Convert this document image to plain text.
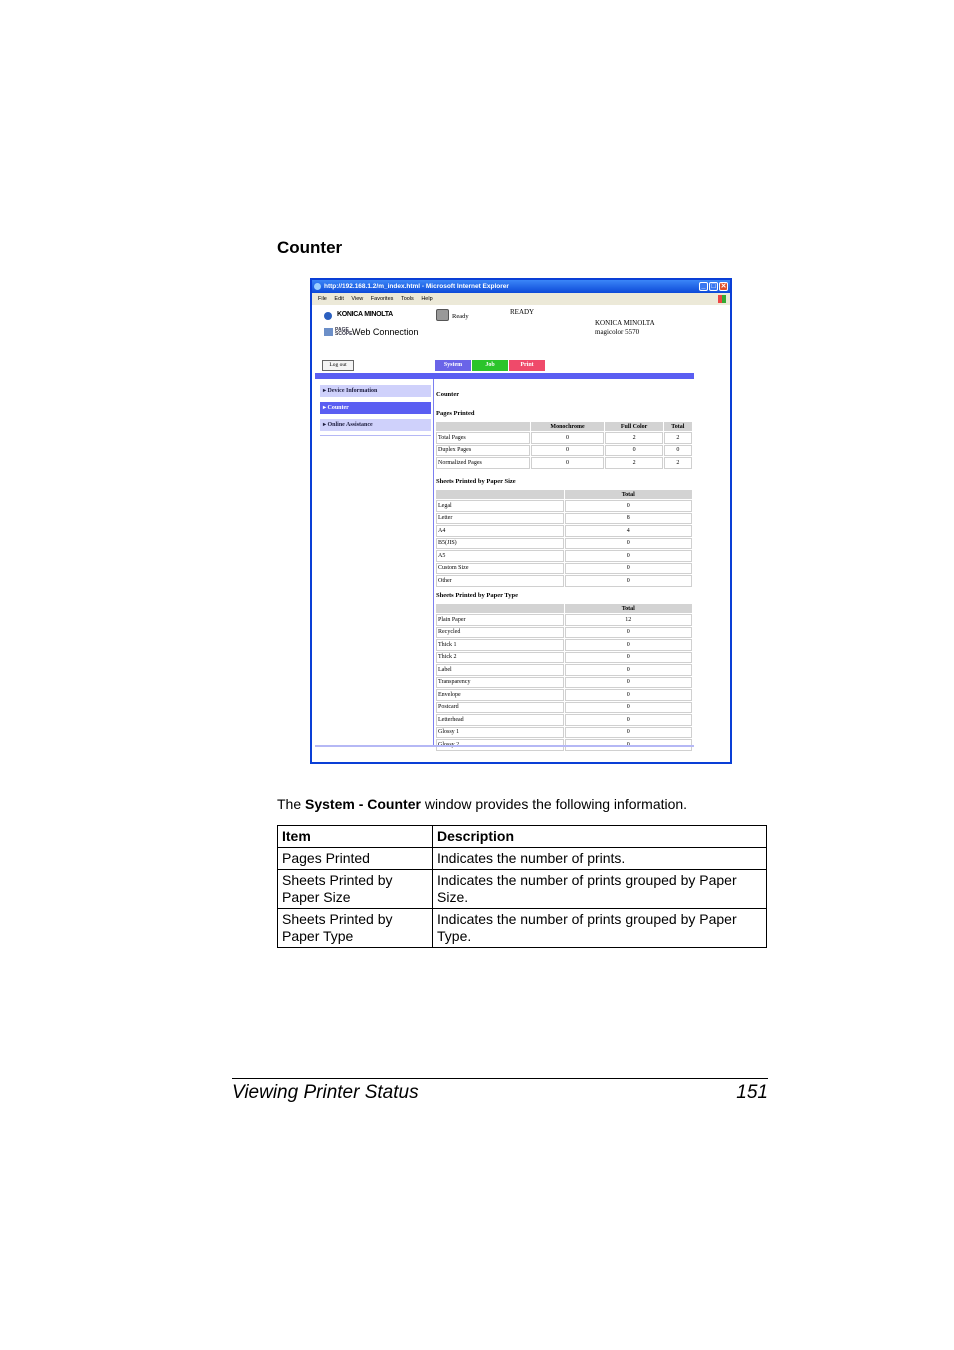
Counter
http://192.168.1.2/m_index.html - Microsoft Internet Explorer	_ □ ✕
File Edit View Favorites Tools Help
KONICA MINOLTA
PAGE SCOPE Web Connection
Ready
READY
KONICA MINOLTA
magicolor 5570
Log out	System	Job	Print
▸ Device Information
▸ Counter
▸ Online Assistance
Counter
Pages Printed
	Monochrome	Full Color	Total
Total Pages	0	2	2
Duplex Pages	0	0	0
Normalized Pages	0	2	2
Sheets Printed by Paper Size
	Total
Legal	0
Letter	8
A4	4
B5(JIS)	0
A5	0
Custom Size	0
Other	0
Sheets Printed by Paper Type
	Total
Plain Paper	12
Recycled	0
Thick 1	0
Thick 2	0
Label	0
Transparency	0
Envelope	0
Postcard	0
Letterhead	0
Glossy 1	0

The System - Counter window provides the following information.
Item	Description
Pages Printed	Indicates the number of prints.
Sheets Printed by Paper Size	Indicates the number of prints grouped by Paper Size.
Sheets Printed by Paper Type	Indicates the number of prints grouped by Paper Type.
Viewing Printer Status	151
